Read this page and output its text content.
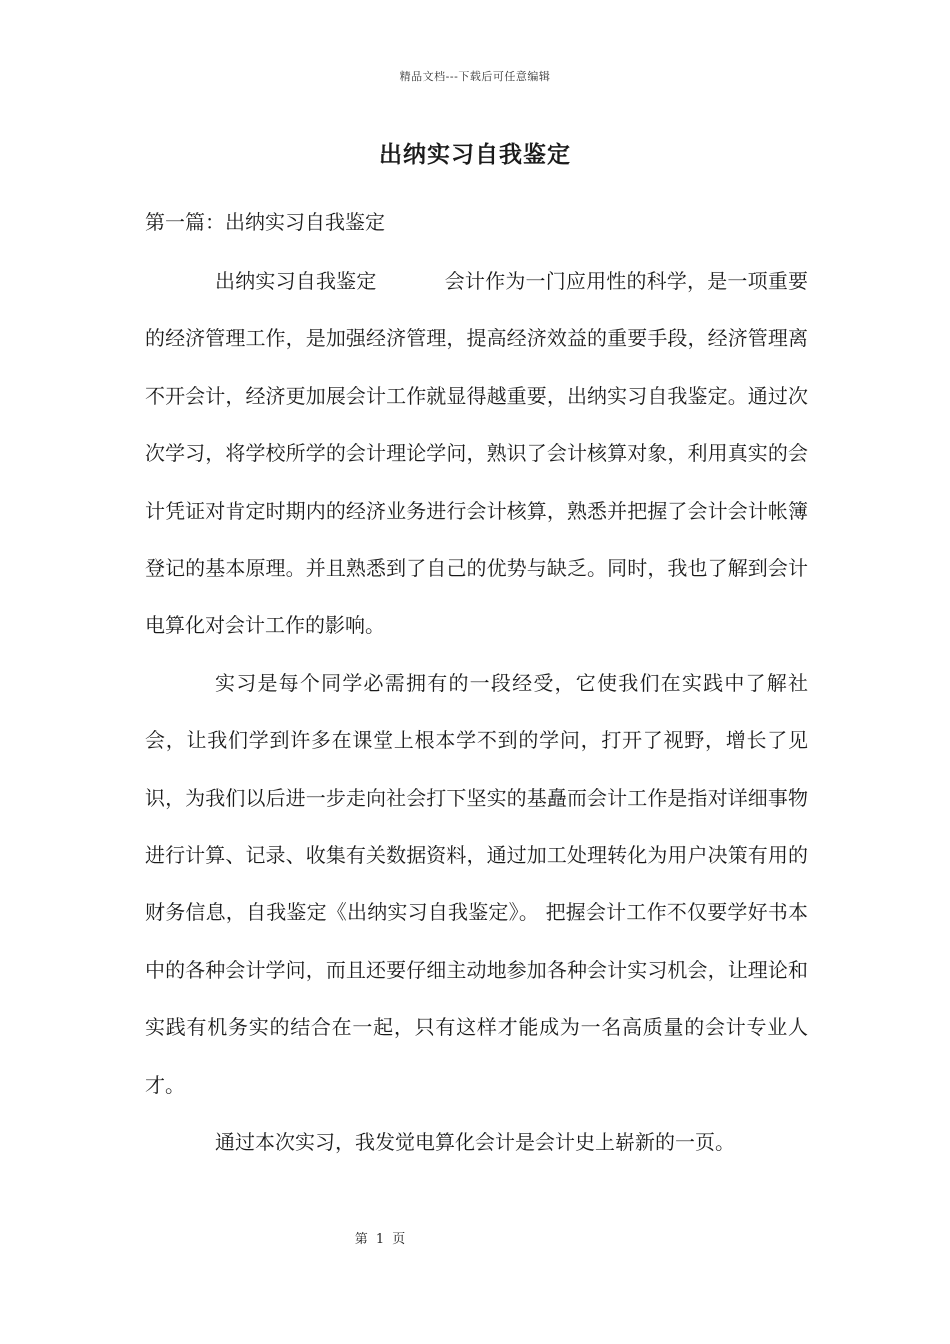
精品文档---下载后可任意编辑
出纳实习自我鉴定
第一篇：出纳实习自我鉴定

出纳实习自我鉴定	会计作为一门应用性的科学，是一项重要的经济管理工作，是加强经济管理，提高经济效益的重要手段，经济管理离不开会计，经济更加展会计工作就显得越重要，出纳实习自我鉴定。通过次次学习，将学校所学的会计理论学问，熟识了会计核算对象，利用真实的会计凭证对肯定时期内的经济业务进行会计核算，熟悉并把握了会计会计帐簿登记的基本原理。并且熟悉到了自己的优势与缺乏。同时，我也了解到会计电算化对会计工作的影响。

实习是每个同学必需拥有的一段经受，它使我们在实践中了解社会，让我们学到许多在课堂上根本学不到的学问，打开了视野，增长了见识，为我们以后进一步走向社会打下坚实的基矗而会计工作是指对详细事物进行计算、记录、收集有关数据资料，通过加工处理转化为用户决策有用的财务信息，自我鉴定《出纳实习自我鉴定》。 把握会计工作不仅要学好书本中的各种会计学问，而且还要仔细主动地参加各种会计实习机会，让理论和实践有机务实的结合在一起，只有这样才能成为一名高质量的会计专业人才。

通过本次实习，我发觉电算化会计是会计史上崭新的一页。

第 1 页
